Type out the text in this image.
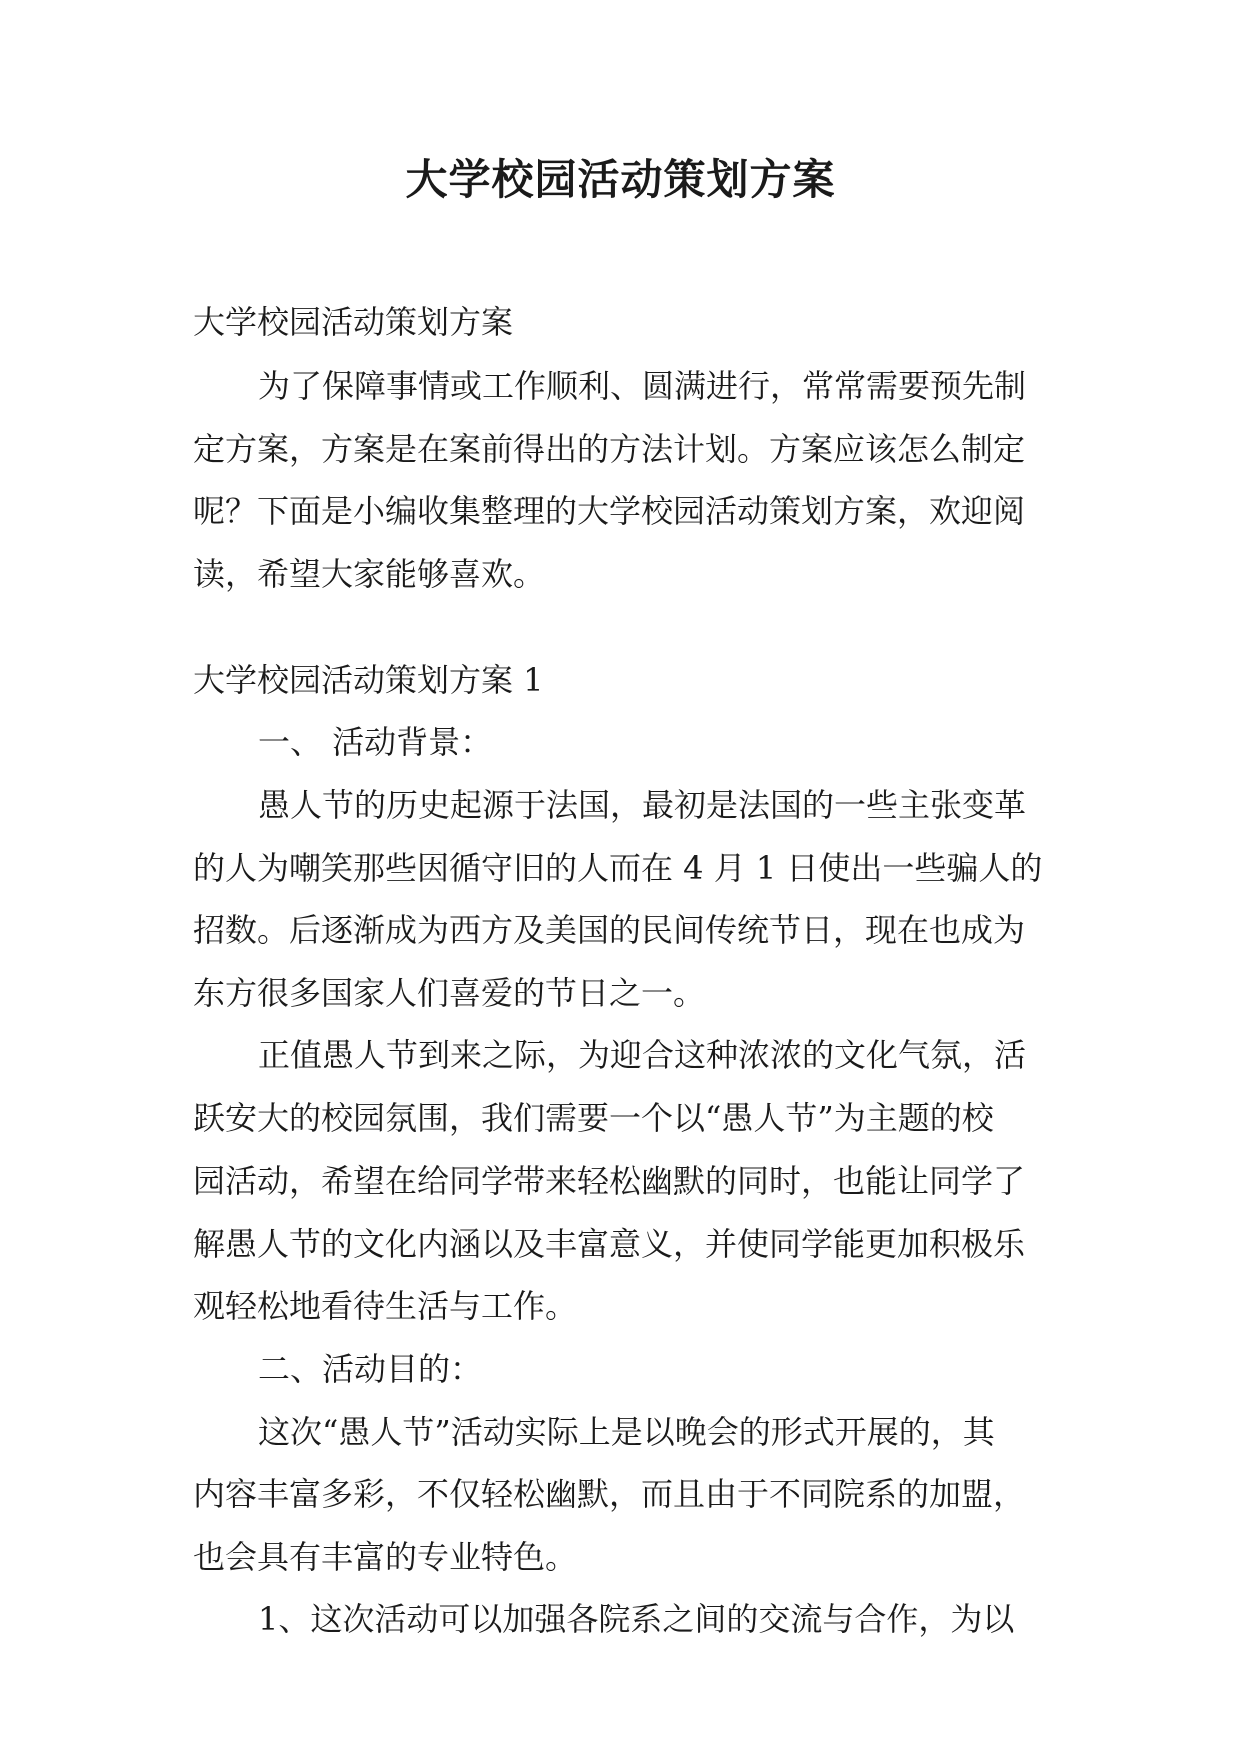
大学校园活动策划方案

大学校园活动策划方案

为了保障事情或工作顺利、圆满进行，常常需要预先制

定方案，方案是在案前得出的方法计划。方案应该怎么制定

呢？下面是小编收集整理的大学校园活动策划方案，欢迎阅

读，希望大家能够喜欢。

大学校园活动策划方案 1

一、 活动背景：

愚人节的历史起源于法国，最初是法国的一些主张变革

的人为嘲笑那些因循守旧的人而在 4 月 1 日使出一些骗人的

招数。后逐渐成为西方及美国的民间传统节日，现在也成为

东方很多国家人们喜爱的节日之一。

正值愚人节到来之际，为迎合这种浓浓的文化气氛，活

跃安大的校园氛围，我们需要一个以“愚人节”为主题的校

园活动，希望在给同学带来轻松幽默的同时，也能让同学了

解愚人节的文化内涵以及丰富意义，并使同学能更加积极乐

观轻松地看待生活与工作。

二、活动目的：

这次“愚人节”活动实际上是以晚会的形式开展的，其

内容丰富多彩，不仅轻松幽默，而且由于不同院系的加盟，

也会具有丰富的专业特色。

1、这次活动可以加强各院系之间的交流与合作，为以
